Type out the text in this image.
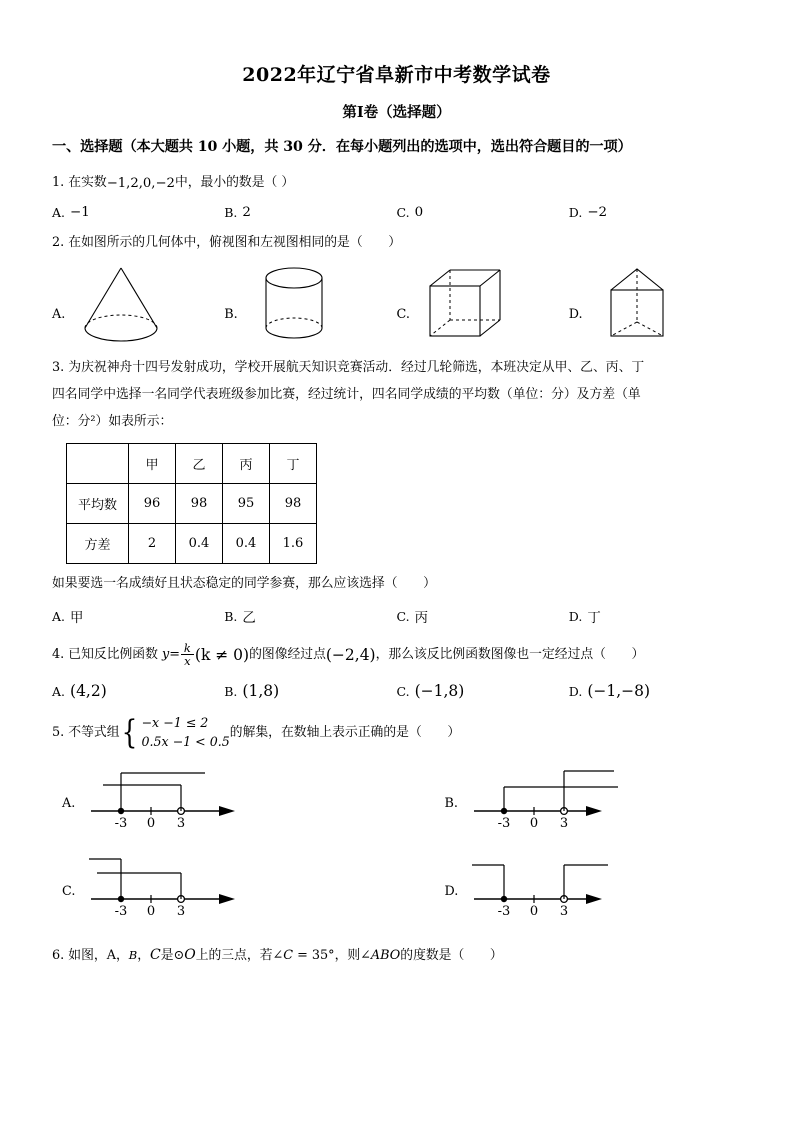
2022年辽宁省阜新市中考数学试卷
第I卷（选择题）
一、选择题（本大题共 10 小题，共 30 分．在每小题列出的选项中，选出符合题目的一项）
1. 在实数−1,2,0,−2中，最小的数是（ ）
A. −1	B. 2	C. 0	D. −2
2. 在如图所示的几何体中，俯视图和左视图相同的是（　　）
A.	B.	C.	D.
3. 为庆祝神舟十四号发射成功，学校开展航天知识竞赛活动．经过几轮筛选，本班决定从甲、乙、丙、丁
四名同学中选择一名同学代表班级参加比赛，经过统计，四名同学成绩的平均数（单位：分）及方差（单
位：分²）如表所示：
	甲	乙	丙	丁
平均数	96	98	95	98
方差	2	0.4	0.4	1.6
如果要选一名成绩好且状态稳定的同学参赛，那么应该选择（　　）
A. 甲	B. 乙	C. 丙	D. 丁
4. 已知反比例函数 $y= \frac{k}{x} (k \ne 0)$的图像经过点(−2,4)，那么该反比例函数图像也一定经过点（　　）
A. (4,2)	B. (1,8)	C. (−1,8)	D. (−1,−8)
5. 不等式组 { −x −1 ≤ 2
0.5x −1 < 0.5
的解集，在数轴上表示正确的是（　　）
A.
-3 0 3
B.
-3 0 3
C.
-3 0 3
D.
-3 0 3
6. 如图，A，B，C是⊙O上的三点，若∠C = 35°，则∠ABO的度数是（　　）
